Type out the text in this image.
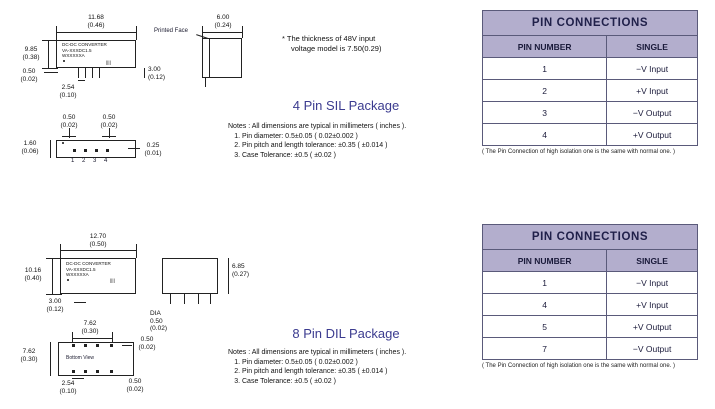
11.68
(0.46)
DC-DC CONVERTER
VA-XXXDC1.5
WXXXXXA
||||
9.85
(0.38)
0.50
(0.02)
2.54
(0.10)
3.00
(0.12)
6.00
(0.24)
Printed Face
* The thickness of 48V input
voltage model is 7.50(0.29)
0.50
(0.02)
0.50
(0.02)
1 2 3 4
1.60
(0.06)
0.25
(0.01)
4 Pin SIL Package
Notes : All dimensions are typical in millimeters ( inches ).
1. Pin diameter: 0.5±0.05 ( 0.02±0.002 )
2. Pin pitch and length tolerance: ±0.35 ( ±0.014 )
3. Case Tolerance: ±0.5 ( ±0.02 )
PIN CONNECTIONS	
PIN NUMBER	SINGLE
1	−V Input
2	+V Input
3	−V Output
4	+V Output
( The Pin Connection of high isolation one is the same with normal one. )
12.70
(0.50)
DC-DC CONVERTER
VA-XXXDC1.5
WXXXXXA
||||
10.16
(0.40)
3.00
(0.12)
6.85
(0.27)
7.62
(0.30)
Bottom View
0.50
(0.02)
7.62
(0.30)
2.54
(0.10)
0.50
(0.02)
DIA
0.50
(0.02)	8 Pin DIL Package
Notes : All dimensions are typical in millimeters ( inches ).
1. Pin diameter: 0.5±0.05 ( 0.02±0.002 )
2. Pin pitch and length tolerance: ±0.35 ( ±0.014 )
3. Case Tolerance: ±0.5 ( ±0.02 )
PIN CONNECTIONS	
PIN NUMBER	SINGLE
1	−V Input
4	+V Input
5	+V Output
7	−V Output
( The Pin Connection of high isolation one is the same with normal one. )
